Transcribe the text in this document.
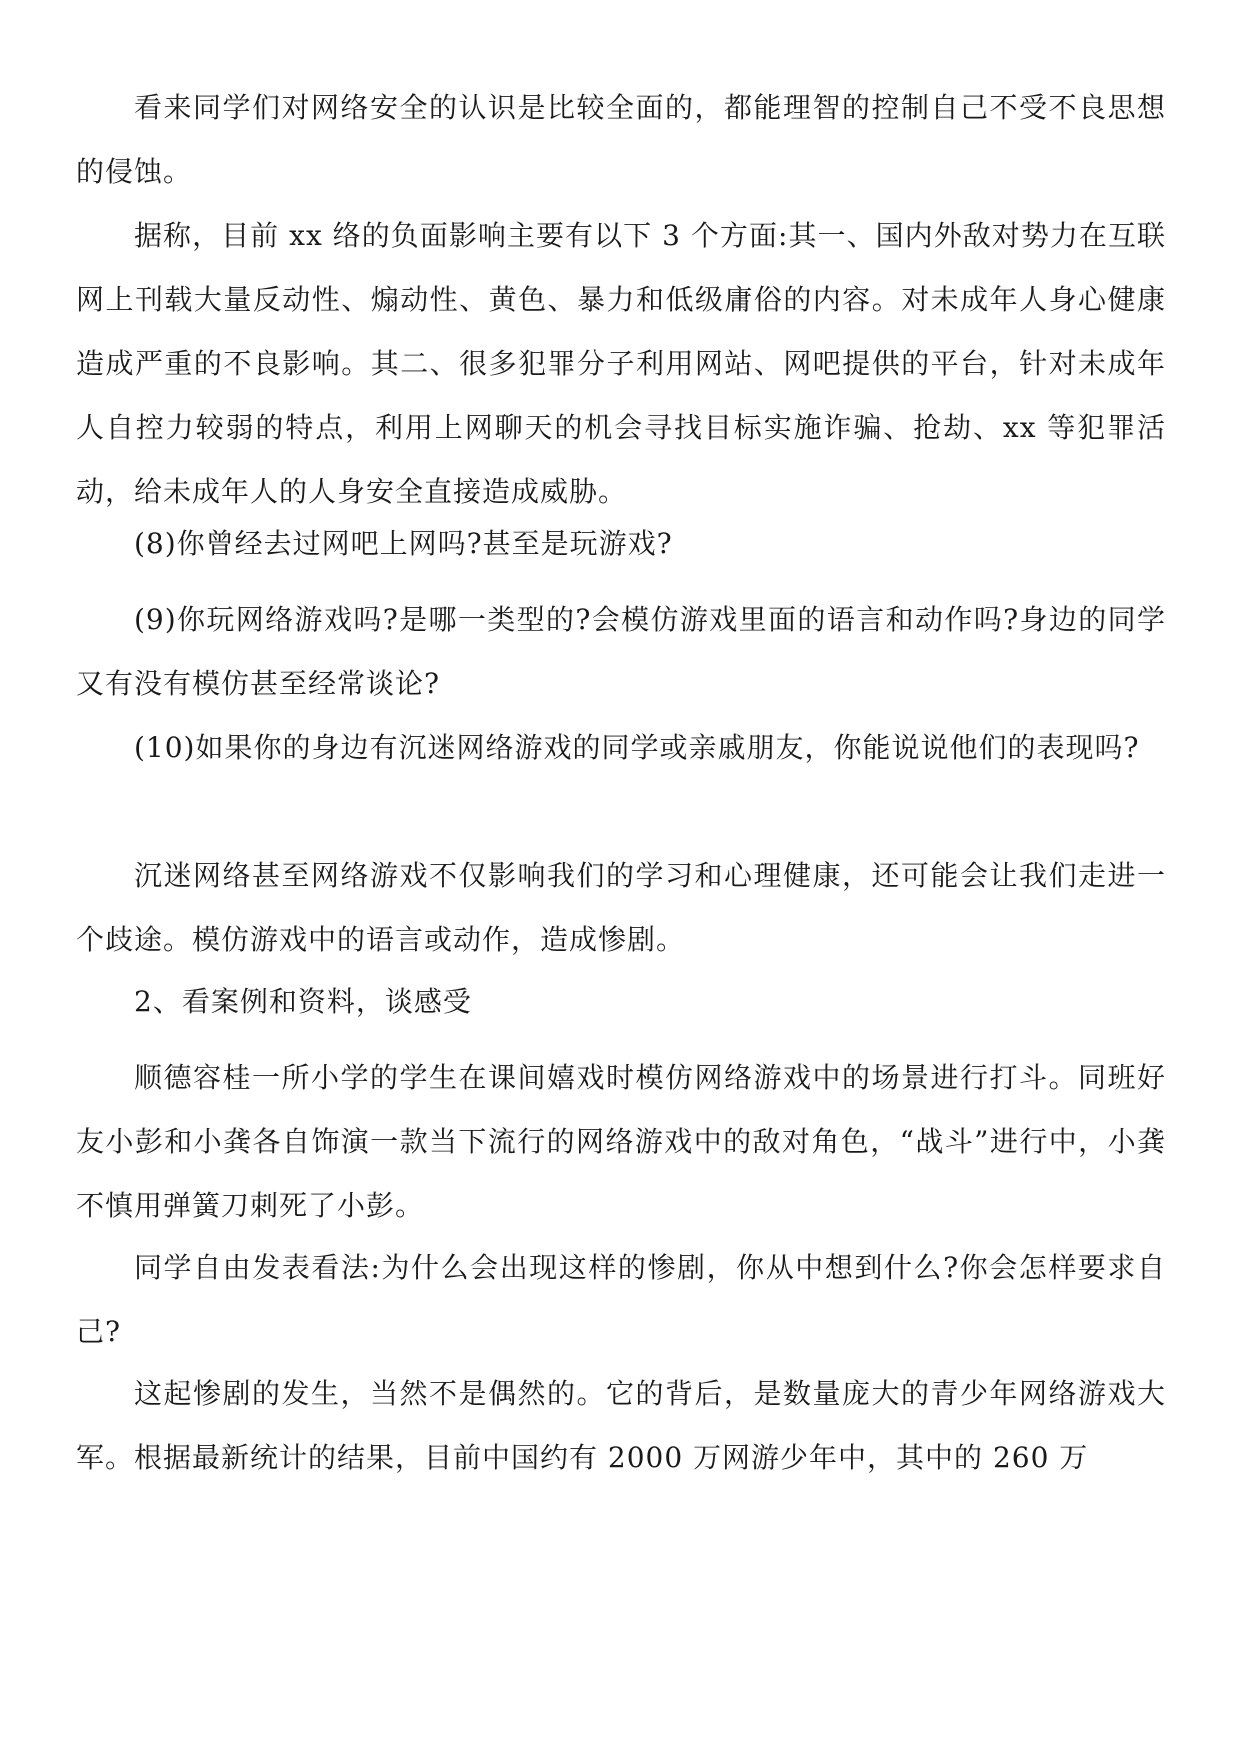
看来同学们对网络安全的认识是比较全面的，都能理智的控制自己不受不良思想的侵蚀。

据称，目前 xx 络的负面影响主要有以下 3 个方面:其一、国内外敌对势力在互联网上刊载大量反动性、煽动性、黄色、暴力和低级庸俗的内容。对未成年人身心健康造成严重的不良影响。其二、很多犯罪分子利用网站、网吧提供的平台，针对未成年人自控力较弱的特点，利用上网聊天的机会寻找目标实施诈骗、抢劫、xx 等犯罪活动，给未成年人的人身安全直接造成威胁。

(8)你曾经去过网吧上网吗?甚至是玩游戏?

(9)你玩网络游戏吗?是哪一类型的?会模仿游戏里面的语言和动作吗?身边的同学又有没有模仿甚至经常谈论?

(10)如果你的身边有沉迷网络游戏的同学或亲戚朋友，你能说说他们的表现吗?

沉迷网络甚至网络游戏不仅影响我们的学习和心理健康，还可能会让我们走进一个歧途。模仿游戏中的语言或动作，造成惨剧。

2、看案例和资料，谈感受

顺德容桂一所小学的学生在课间嬉戏时模仿网络游戏中的场景进行打斗。同班好友小彭和小龚各自饰演一款当下流行的网络游戏中的敌对角色，“战斗”进行中，小龚不慎用弹簧刀刺死了小彭。

同学自由发表看法:为什么会出现这样的惨剧，你从中想到什么?你会怎样要求自己?

这起惨剧的发生，当然不是偶然的。它的背后，是数量庞大的青少年网络游戏大军。根据最新统计的结果，目前中国约有 2000 万网游少年中，其中的 260 万
